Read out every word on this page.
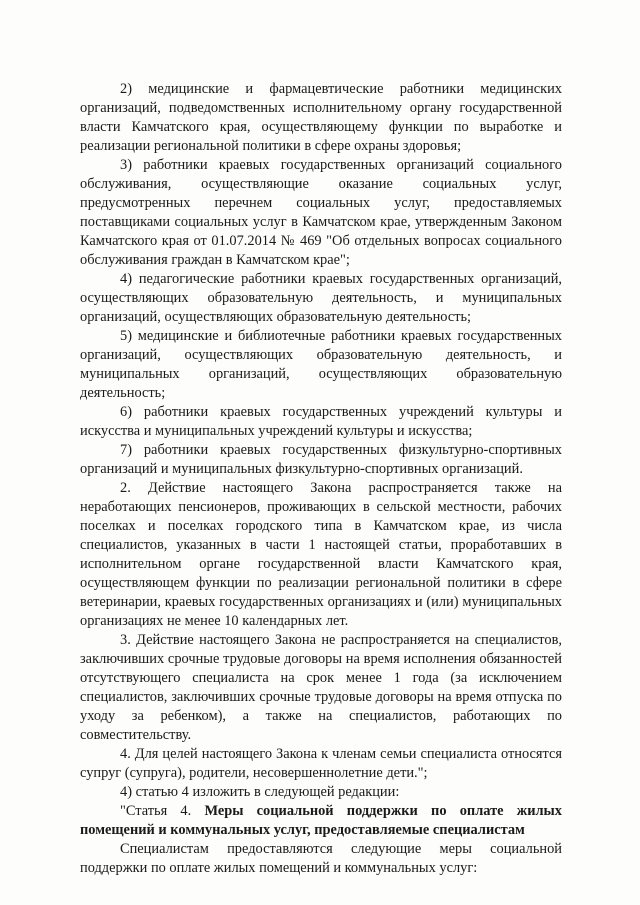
2) медицинские и фармацевтические работники медицинских организаций, подведомственных исполнительному органу государственной власти Камчатского края, осуществляющему функции по выработке и реализации региональной политики в сфере охраны здоровья;

3) работники краевых государственных организаций социального обслуживания, осуществляющие оказание социальных услуг, предусмотренных перечнем социальных услуг, предоставляемых поставщиками социальных услуг в Камчатском крае, утвержденным Законом Камчатского края от 01.07.2014 № 469 "Об отдельных вопросах социального обслуживания граждан в Камчатском крае";

4) педагогические работники краевых государственных организаций, осуществляющих образовательную деятельность, и муниципальных организаций, осуществляющих образовательную деятельность;

5) медицинские и библиотечные работники краевых государственных организаций, осуществляющих образовательную деятельность, и муниципальных организаций, осуществляющих образовательную деятельность;

6) работники краевых государственных учреждений культуры и искусства и муниципальных учреждений культуры и искусства;

7) работники краевых государственных физкультурно-спортивных организаций и муниципальных физкультурно-спортивных организаций.

2. Действие настоящего Закона распространяется также на неработающих пенсионеров, проживающих в сельской местности, рабочих поселках и поселках городского типа в Камчатском крае, из числа специалистов, указанных в части 1 настоящей статьи, проработавших в исполнительном органе государственной власти Камчатского края, осуществляющем функции по реализации региональной политики в сфере ветеринарии, краевых государственных организациях и (или) муниципальных организациях не менее 10 календарных лет.

3. Действие настоящего Закона не распространяется на специалистов, заключивших срочные трудовые договоры на время исполнения обязанностей отсутствующего специалиста на срок менее 1 года (за исключением специалистов, заключивших срочные трудовые договоры на время отпуска по уходу за ребенком), а также на специалистов, работающих по совместительству.

4. Для целей настоящего Закона к членам семьи специалиста относятся супруг (супруга), родители, несовершеннолетние дети.";

4) статью 4 изложить в следующей редакции:

"Статья 4. Меры социальной поддержки по оплате жилых помещений и коммунальных услуг, предоставляемые специалистам

Специалистам предоставляются следующие меры социальной поддержки по оплате жилых помещений и коммунальных услуг:
